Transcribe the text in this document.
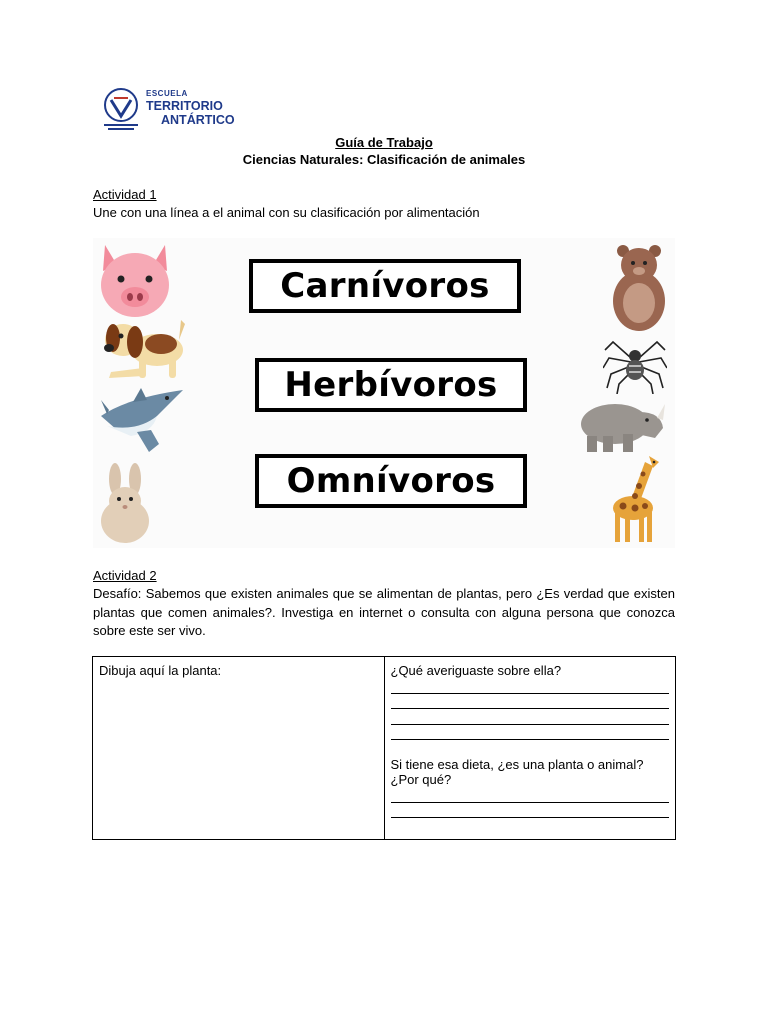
ESCUELA
TERRITORIO
ANTÁRTICO
Guía de Trabajo
Ciencias Naturales: Clasificación de animales
Actividad 1
Une con una línea a el animal con su clasificación por alimentación
Carnívoros
Herbívoros
Omnívoros
Actividad 2
Desafío: Sabemos que existen animales que se alimentan de plantas, pero ¿Es verdad que existen plantas que comen animales?. Investiga en internet o consulta con alguna persona que conozca sobre este ser vivo.
Dibuja aquí la planta:	¿Qué averiguaste sobre ella?
Si tiene esa dieta, ¿es una planta o animal? ¿Por qué?
